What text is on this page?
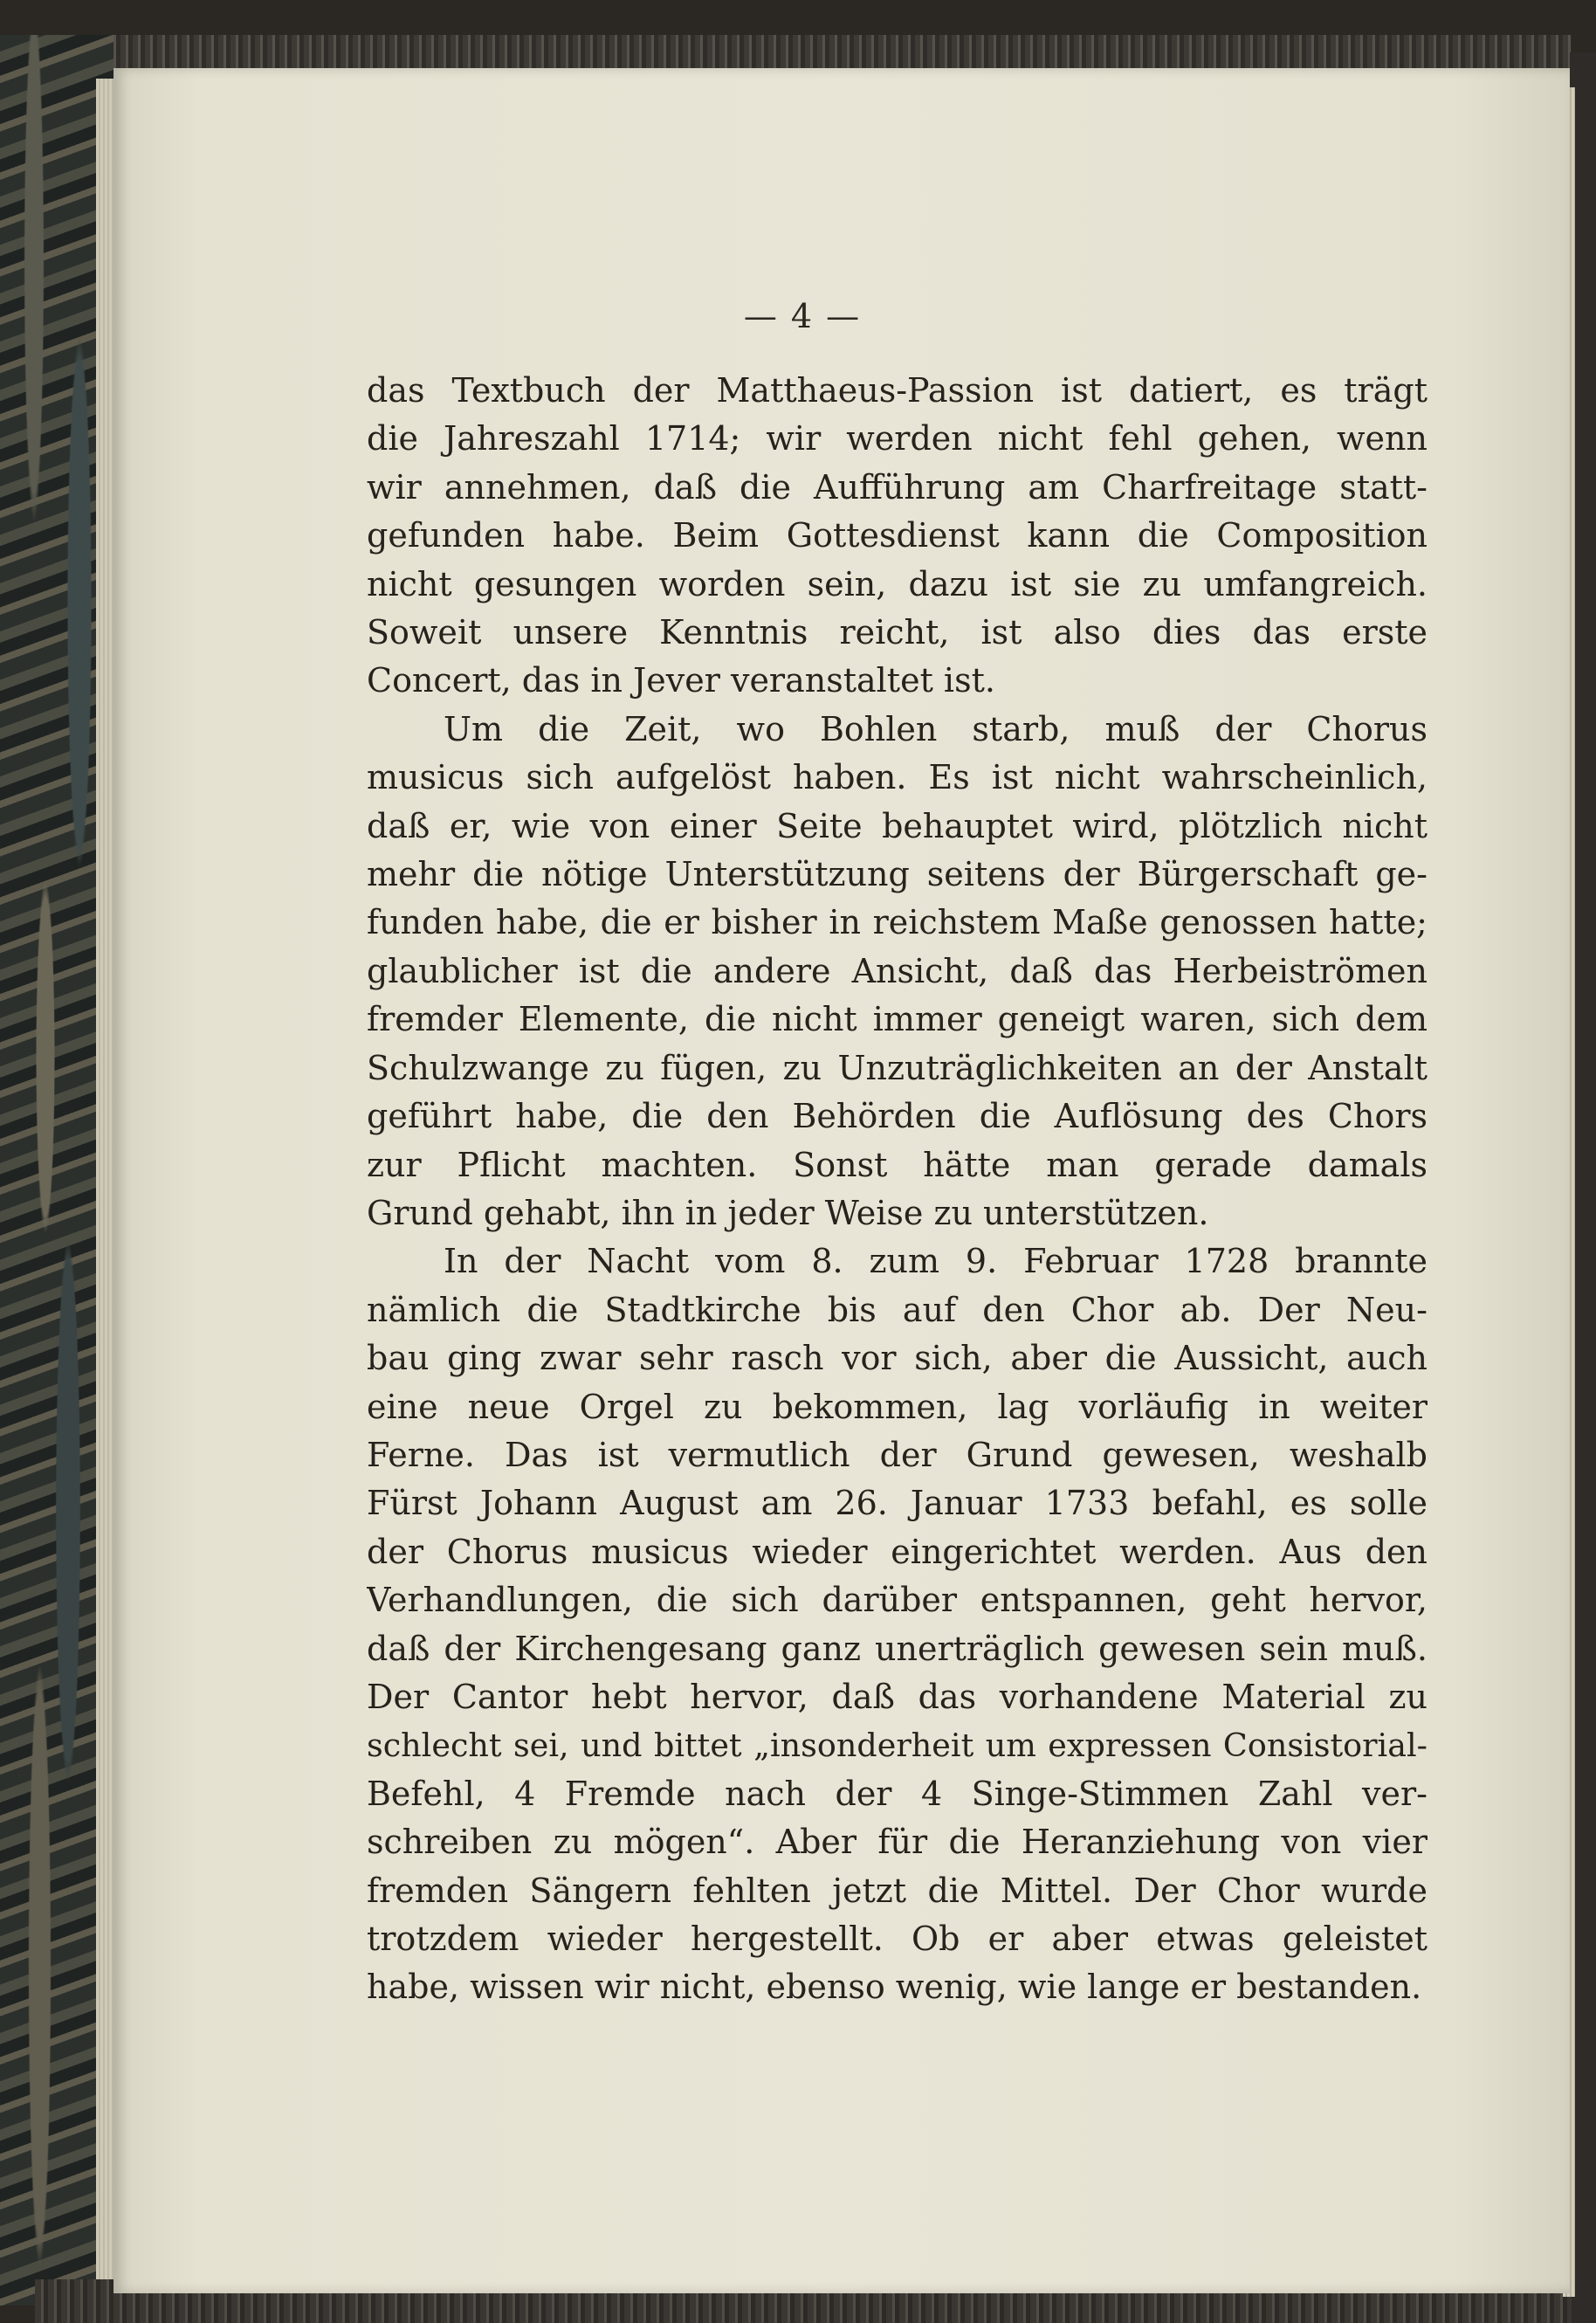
— 4 —
das Textbuch der Matthaeus-Passion ist datiert, es trägt
die Jahreszahl 1714; wir werden nicht fehl gehen, wenn
wir annehmen, daß die Aufführung am Charfreitage statt-
gefunden habe. Beim Gottesdienst kann die Composition
nicht gesungen worden sein, dazu ist sie zu umfangreich.
Soweit unsere Kenntnis reicht, ist also dies das erste
Concert, das in Jever veranstaltet ist.
Um die Zeit, wo Bohlen starb, muß der Chorus
musicus sich aufgelöst haben. Es ist nicht wahrscheinlich,
daß er, wie von einer Seite behauptet wird, plötzlich nicht
mehr die nötige Unterstützung seitens der Bürgerschaft ge-
funden habe, die er bisher in reichstem Maße genossen hatte;
glaublicher ist die andere Ansicht, daß das Herbeiströmen
fremder Elemente, die nicht immer geneigt waren, sich dem
Schulzwange zu fügen, zu Unzuträglichkeiten an der Anstalt
geführt habe, die den Behörden die Auflösung des Chors
zur Pflicht machten. Sonst hätte man gerade damals
Grund gehabt, ihn in jeder Weise zu unterstützen.
In der Nacht vom 8. zum 9. Februar 1728 brannte
nämlich die Stadtkirche bis auf den Chor ab. Der Neu-
bau ging zwar sehr rasch vor sich, aber die Aussicht, auch
eine neue Orgel zu bekommen, lag vorläufig in weiter
Ferne. Das ist vermutlich der Grund gewesen, weshalb
Fürst Johann August am 26. Januar 1733 befahl, es solle
der Chorus musicus wieder eingerichtet werden. Aus den
Verhandlungen, die sich darüber entspannen, geht hervor,
daß der Kirchengesang ganz unerträglich gewesen sein muß.
Der Cantor hebt hervor, daß das vorhandene Material zu
schlecht sei, und bittet „insonderheit um expressen Consistorial-
Befehl, 4 Fremde nach der 4 Singe-Stimmen Zahl ver-
schreiben zu mögen“. Aber für die Heranziehung von vier
fremden Sängern fehlten jetzt die Mittel. Der Chor wurde
trotzdem wieder hergestellt. Ob er aber etwas geleistet
habe, wissen wir nicht, ebenso wenig, wie lange er bestanden.
